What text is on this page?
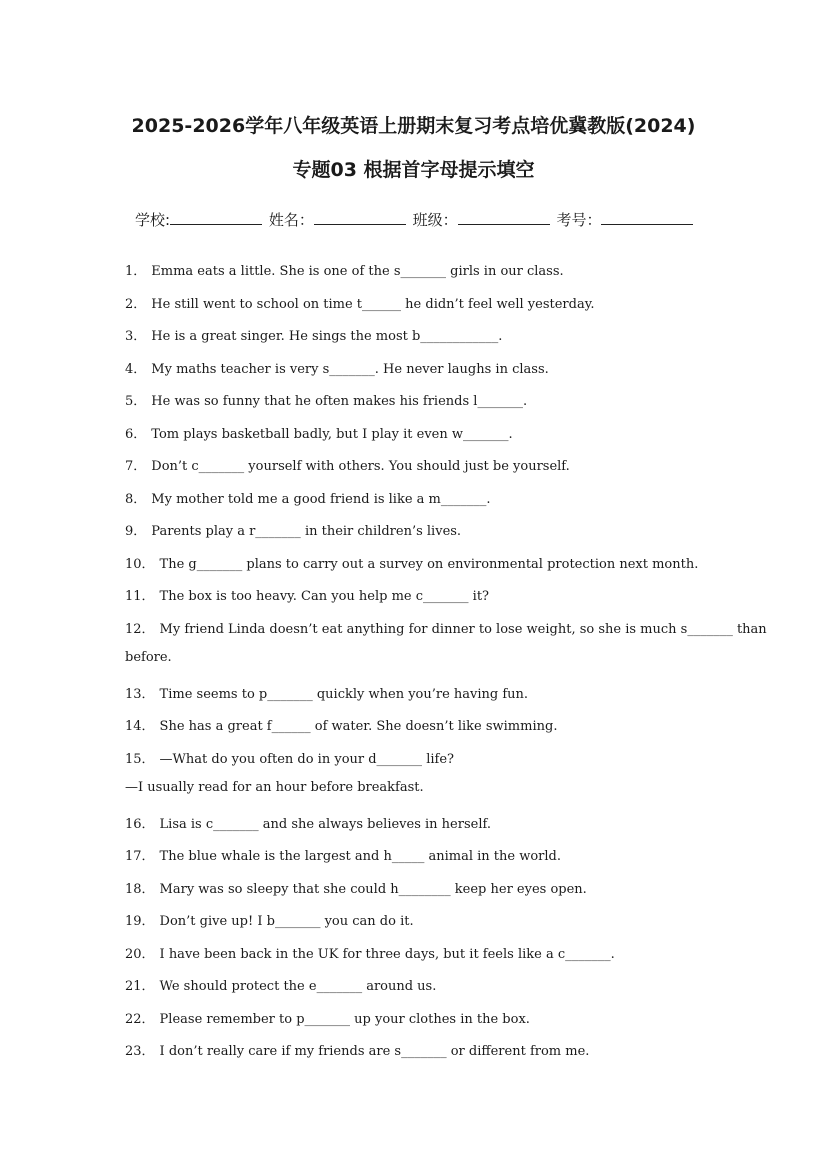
2025-2026学年八年级英语上册期末复习考点培优冀教版(2024)
专题03 根据首字母提示填空
学校:	姓名：	班级：	考号：
1． Emma eats a little. She is one of the s_______ girls in our class.
2． He still went to school on time t______ he didn’t feel well yesterday.
3． He is a great singer. He sings the most b____________.
4． My maths teacher is very s_______. He never laughs in class.
5． He was so funny that he often makes his friends l_______.
6． Tom plays basketball badly, but I play it even w_______.
7． Don’t c_______ yourself with others. You should just be yourself.
8． My mother told me a good friend is like a m_______.
9． Parents play a r_______ in their children’s lives.
10． The g_______ plans to carry out a survey on environmental protection next month.
11． The box is too heavy. Can you help me c_______ it?
12． My friend Linda doesn’t eat anything for dinner to lose weight, so she is much s_______ than
before.
13． Time seems to p_______ quickly when you’re having fun.
14． She has a great f______ of water. She doesn’t like swimming.
15． —What do you often do in your d_______ life?
—I usually read for an hour before breakfast.
16． Lisa is c_______ and she always believes in herself.
17． The blue whale is the largest and h_____ animal in the world.
18． Mary was so sleepy that she could h________ keep her eyes open.
19． Don’t give up! I b_______ you can do it.
20． I have been back in the UK for three days, but it feels like a c_______.
21． We should protect the e_______ around us.
22． Please remember to p_______ up your clothes in the box.
23． I don’t really care if my friends are s_______ or different from me.
